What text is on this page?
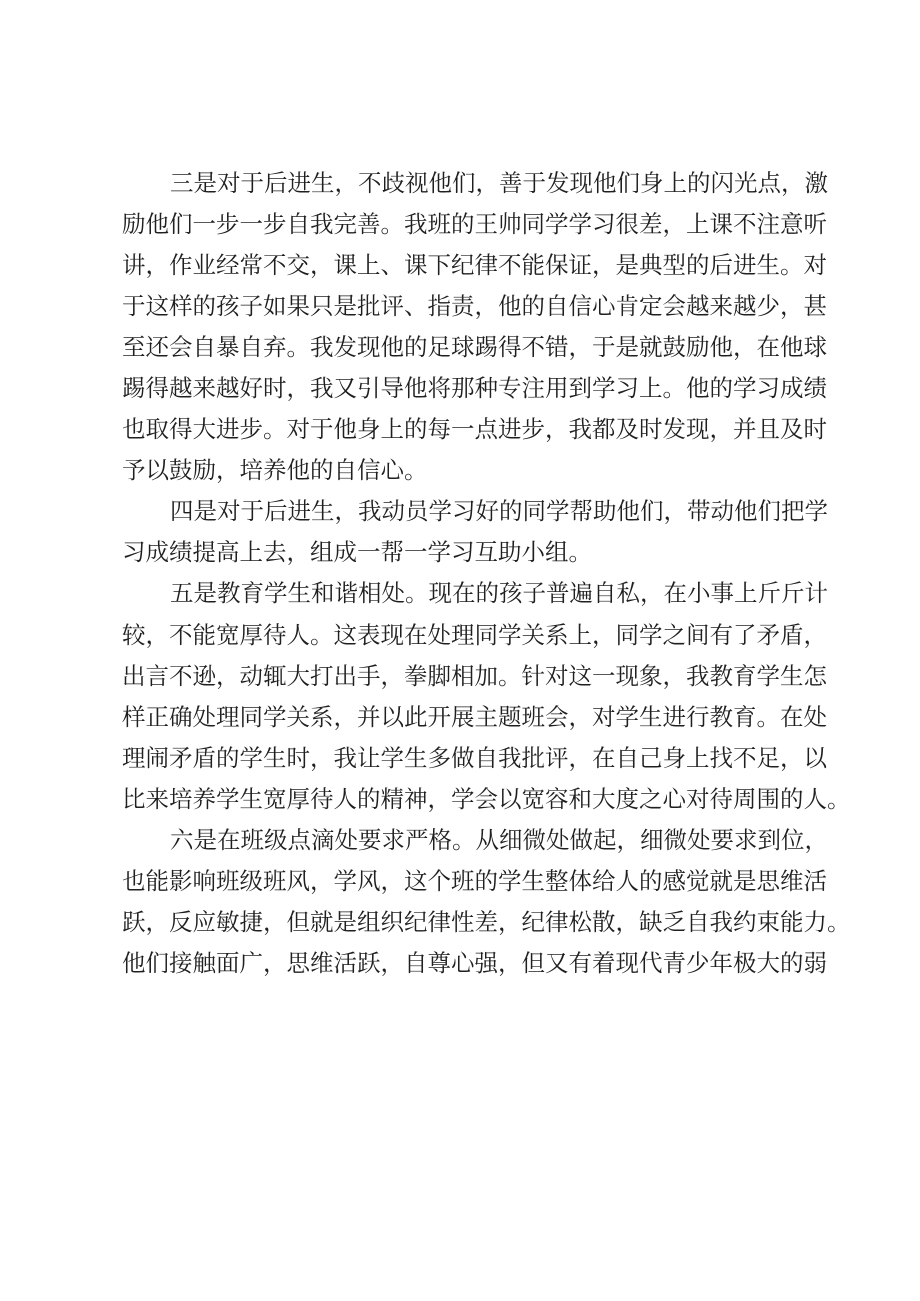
三是对于后进生，不歧视他们，善于发现他们身上的闪光点，激
励他们一步一步自我完善。我班的王帅同学学习很差，上课不注意听
讲，作业经常不交，课上、课下纪律不能保证，是典型的后进生。对
于这样的孩子如果只是批评、指责，他的自信心肯定会越来越少，甚
至还会自暴自弃。我发现他的足球踢得不错，于是就鼓励他，在他球
踢得越来越好时，我又引导他将那种专注用到学习上。他的学习成绩
也取得大进步。对于他身上的每一点进步，我都及时发现，并且及时
予以鼓励，培养他的自信心。
四是对于后进生，我动员学习好的同学帮助他们，带动他们把学
习成绩提高上去，组成一帮一学习互助小组。
五是教育学生和谐相处。现在的孩子普遍自私，在小事上斤斤计
较，不能宽厚待人。这表现在处理同学关系上，同学之间有了矛盾，
出言不逊，动辄大打出手，拳脚相加。针对这一现象，我教育学生怎
样正确处理同学关系，并以此开展主题班会，对学生进行教育。在处
理闹矛盾的学生时，我让学生多做自我批评，在自己身上找不足，以
比来培养学生宽厚待人的精神，学会以宽容和大度之心对待周围的人。
六是在班级点滴处要求严格。从细微处做起，细微处要求到位，
也能影响班级班风，学风，这个班的学生整体给人的感觉就是思维活
跃，反应敏捷，但就是组织纪律性差，纪律松散，缺乏自我约束能力。
他们接触面广，思维活跃，自尊心强，但又有着现代青少年极大的弱
